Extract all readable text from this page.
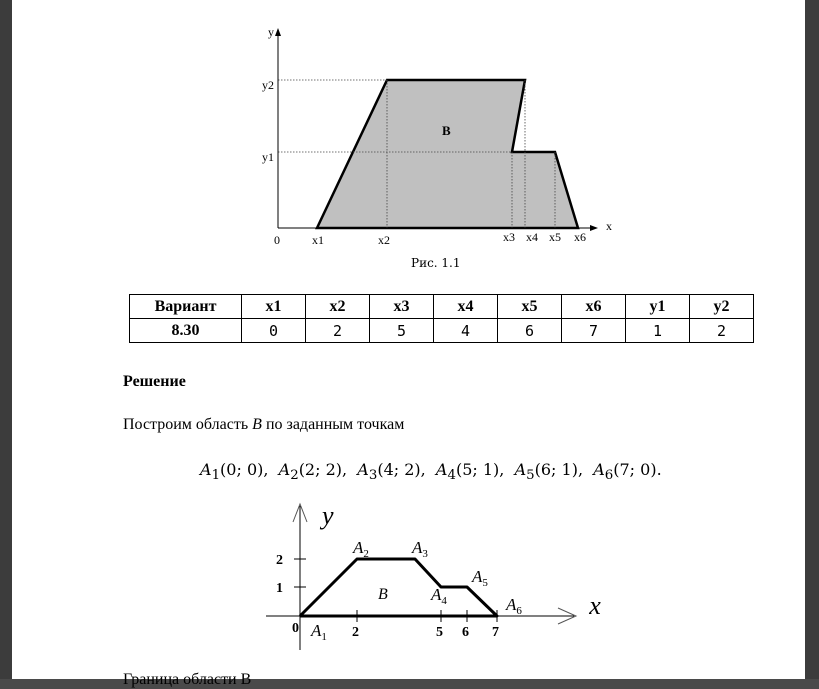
y
x
0
y2
y1
x1	x2	x3 x4 x5 x6
B
Рис. 1.1
Вариант	x1	x2	x3	x4	x5	x6	y1	y2
8.30	0	2	5	4	6	7	1	2
Решение
Построим область B по заданным точкам
$A_1(0$; 0),  $A_2(2$; 2),  $A_3(4$; 2),  $A_4(5$; 1),  $A_5(6$; 1),  $A_6(7$; 0).
y
x
0
2
1
2	5 6 7
B
$A_1$
$A_2$	$A_3$
$A_4$
$A_5$
$A_6$
Граница области B
